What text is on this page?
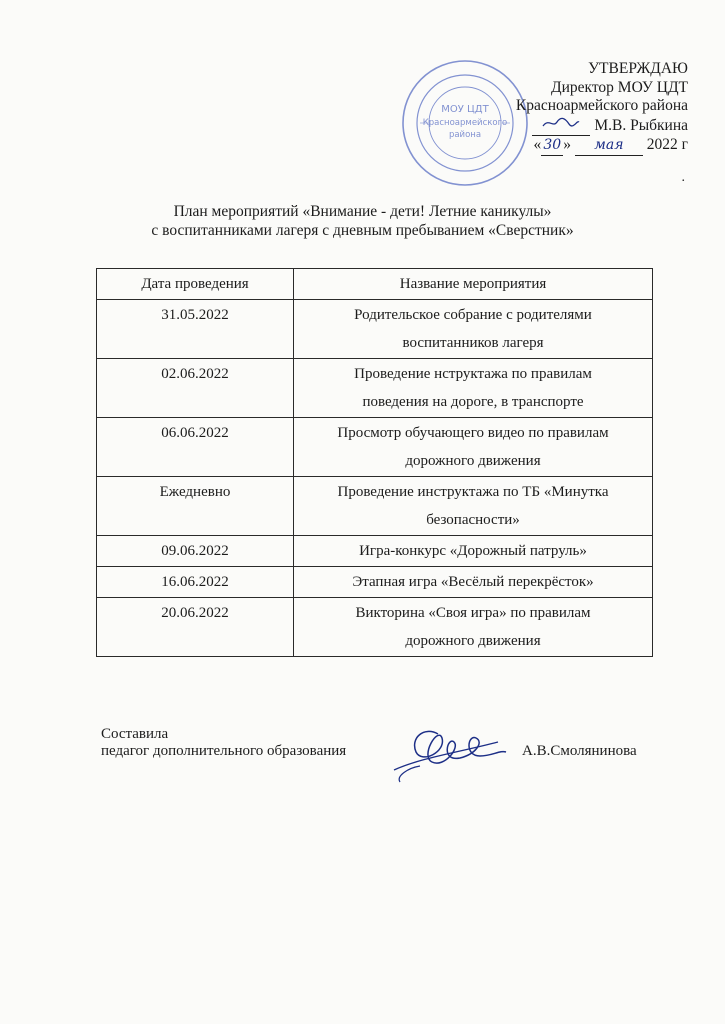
МОУ ЦДТ
Красноармейского
района
УТВЕРЖДАЮ
Директор МОУ ЦДТ
Красноармейского района
М.В. Рыбкина
« 30 » мая 2022 г
.
План мероприятий «Внимание - дети! Летние каникулы»
с воспитанниками лагеря с дневным пребыванием «Сверстник»
Дата проведения	Название мероприятия
31.05.2022	Родительское собрание с родителями
воспитанников лагеря
02.06.2022	Проведение нструктажа по правилам
поведения на дороге, в транспорте
06.06.2022	Просмотр обучающего видео по правилам
дорожного движения
Ежедневно	Проведение инструктажа по ТБ «Минутка
безопасности»
09.06.2022	Игра-конкурс «Дорожный патруль»
16.06.2022	Этапная игра «Весёлый перекрёсток»
20.06.2022	Викторина «Своя игра» по правилам
дорожного движения
Составила
педагог дополнительного образования	А.В.Смолянинова
